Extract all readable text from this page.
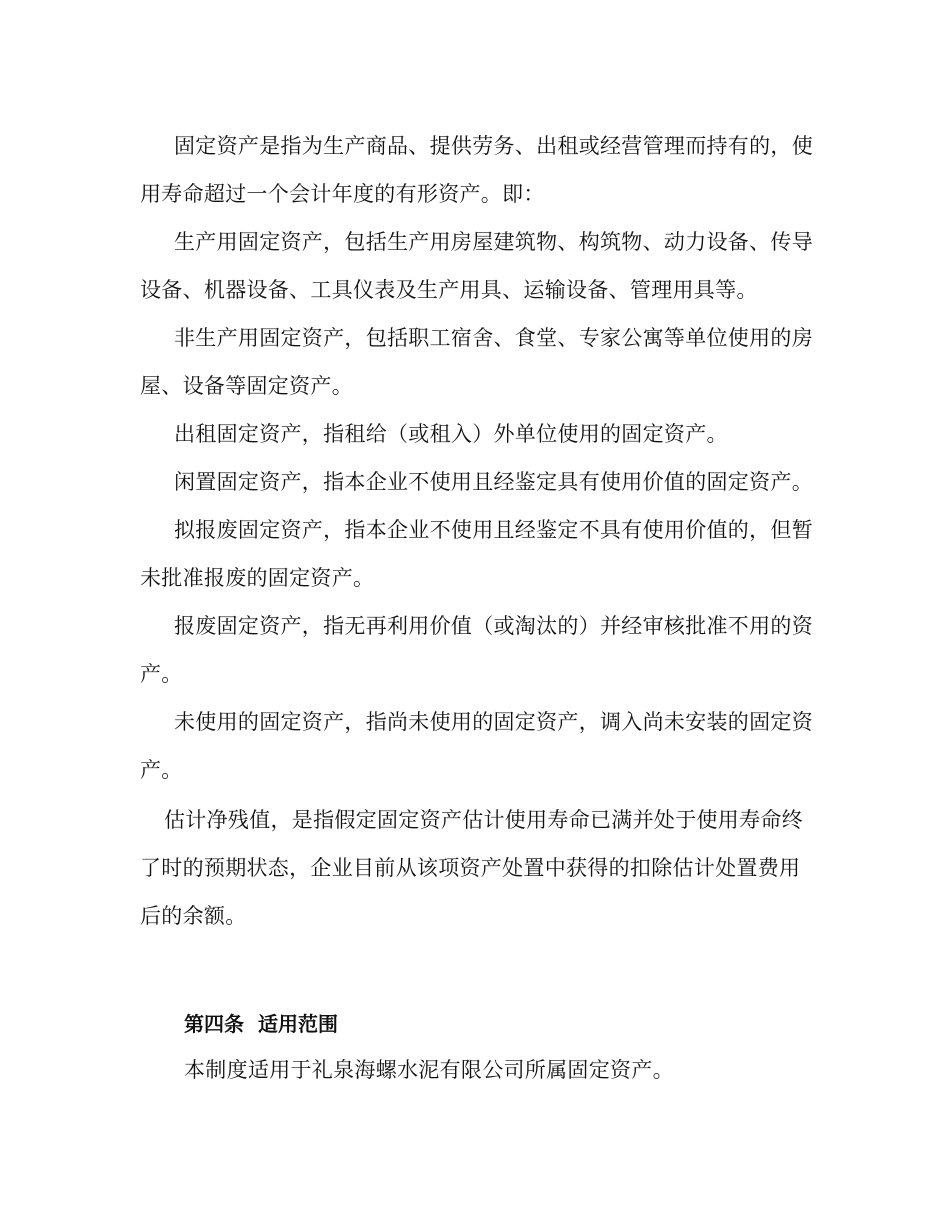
固定资产是指为生产商品、提供劳务、出租或经营管理而持有的，使用寿命超过一个会计年度的有形资产。即：

生产用固定资产，包括生产用房屋建筑物、构筑物、动力设备、传导设备、机器设备、工具仪表及生产用具、运输设备、管理用具等。

非生产用固定资产，包括职工宿舍、食堂、专家公寓等单位使用的房屋、设备等固定资产。

出租固定资产，指租给（或租入）外单位使用的固定资产。

闲置固定资产，指本企业不使用且经鉴定具有使用价值的固定资产。

拟报废固定资产，指本企业不使用且经鉴定不具有使用价值的，但暂未批准报废的固定资产。

报废固定资产，指无再利用价值（或淘汰的）并经审核批准不用的资产。

未使用的固定资产，指尚未使用的固定资产，调入尚未安装的固定资产。

估计净残值，是指假定固定资产估计使用寿命已满并处于使用寿命终了时的预期状态，企业目前从该项资产处置中获得的扣除估计处置费用后的余额。

第四条 适用范围

本制度适用于礼泉海螺水泥有限公司所属固定资产。
